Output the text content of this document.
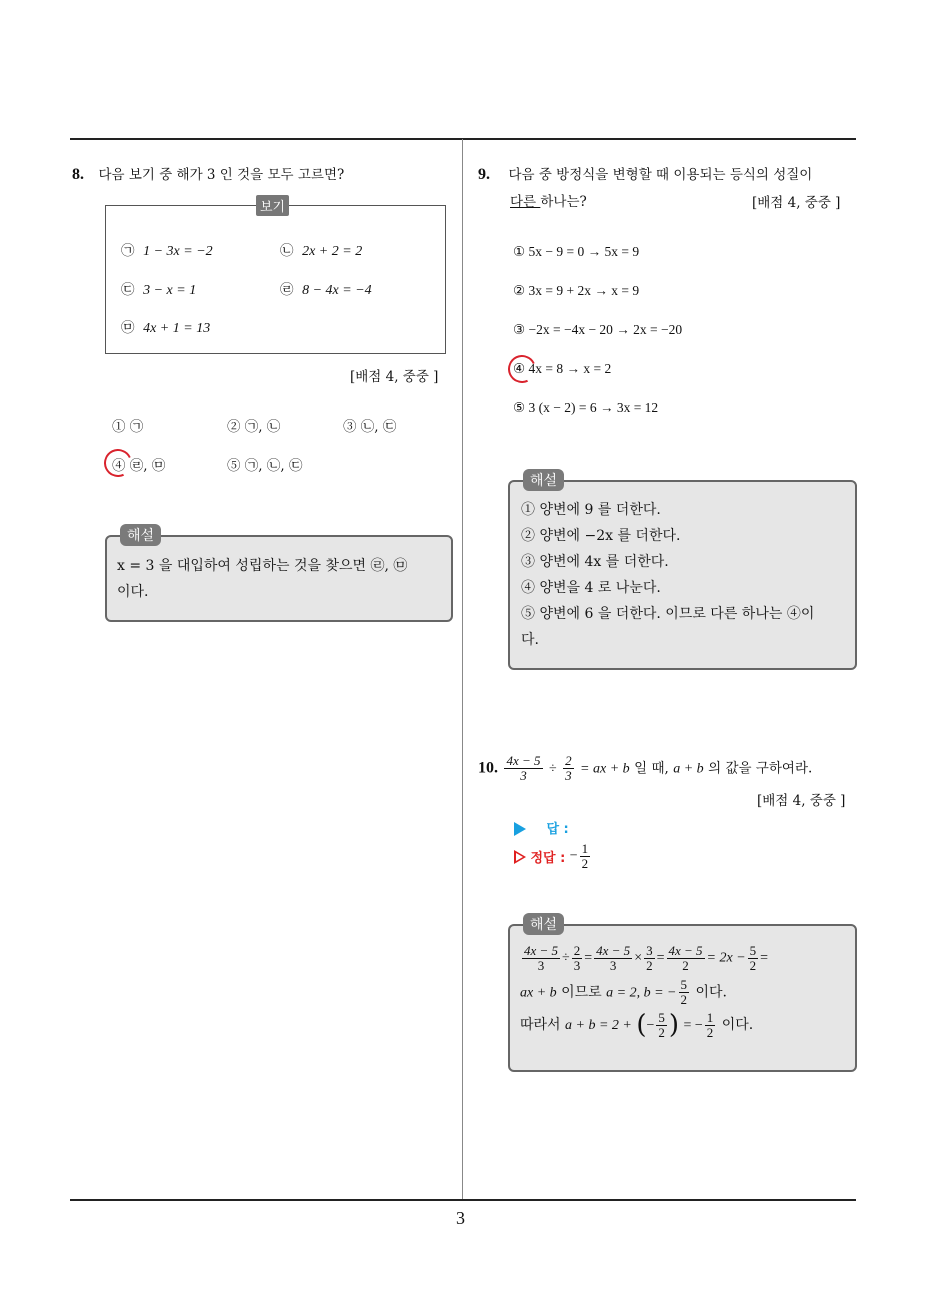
8. 다음 보기 중 해가 3 인 것을 모두 고르면?
보기
㉠ 1 − 3x = −2	㉡ 2x + 2 = 2
㉢ 3 − x = 1	㉣ 8 − 4x = −4
㉤ 4x + 1 = 13
[배점 4, 중중 ]
① ㉠	② ㉠, ㉡	③ ㉡, ㉢
④ ㉣, ㉤	⑤ ㉠, ㉡, ㉢
해설
x = 3 을 대입하여 성립하는 것을 찾으면 ㉣, ㉤
이다.
9. 다음 중 방정식을 변형할 때 이용되는 등식의 성질이
다른 하나는?	[배점 4, 중중 ]
① 5x − 9 = 0 → 5x = 9
② 3x = 9 + 2x → x = 9
③ −2x = −4x − 20 → 2x = −20
④ 4x = 8 → x = 2
⑤ 3 (x − 2) = 6 → 3x = 12
해설
① 양변에 9 를 더한다.
② 양변에 −2x 를 더한다.
③ 양변에 4x 를 더한다.
④ 양변을 4 로 나눈다.
⑤ 양변에 6 을 더한다. 이므로 다른 하나는 ④이
다.
10. $\frac{4x - 5}{3} \div \frac{2}{3}$ = ax + b 일 때, a + b 의 값을 구하여라.
[배점 4, 중중 ]
답 :
정답 : − $\frac{1}{2}$
해설
$\frac{4x - 5}{3} \div \frac{2}{3} = \frac{4x - 5}{3} \times \frac{3}{2} = \frac{4x - 5}{2} = 2x - \frac{5}{2}$ =
ax + b 이므로 a = 2, b = − $\frac{5}{2}$ 이다.
따라서 a + b = 2 + (− $\frac{5}{2}$ ) = − $\frac{1}{2}$ 이다.
3
